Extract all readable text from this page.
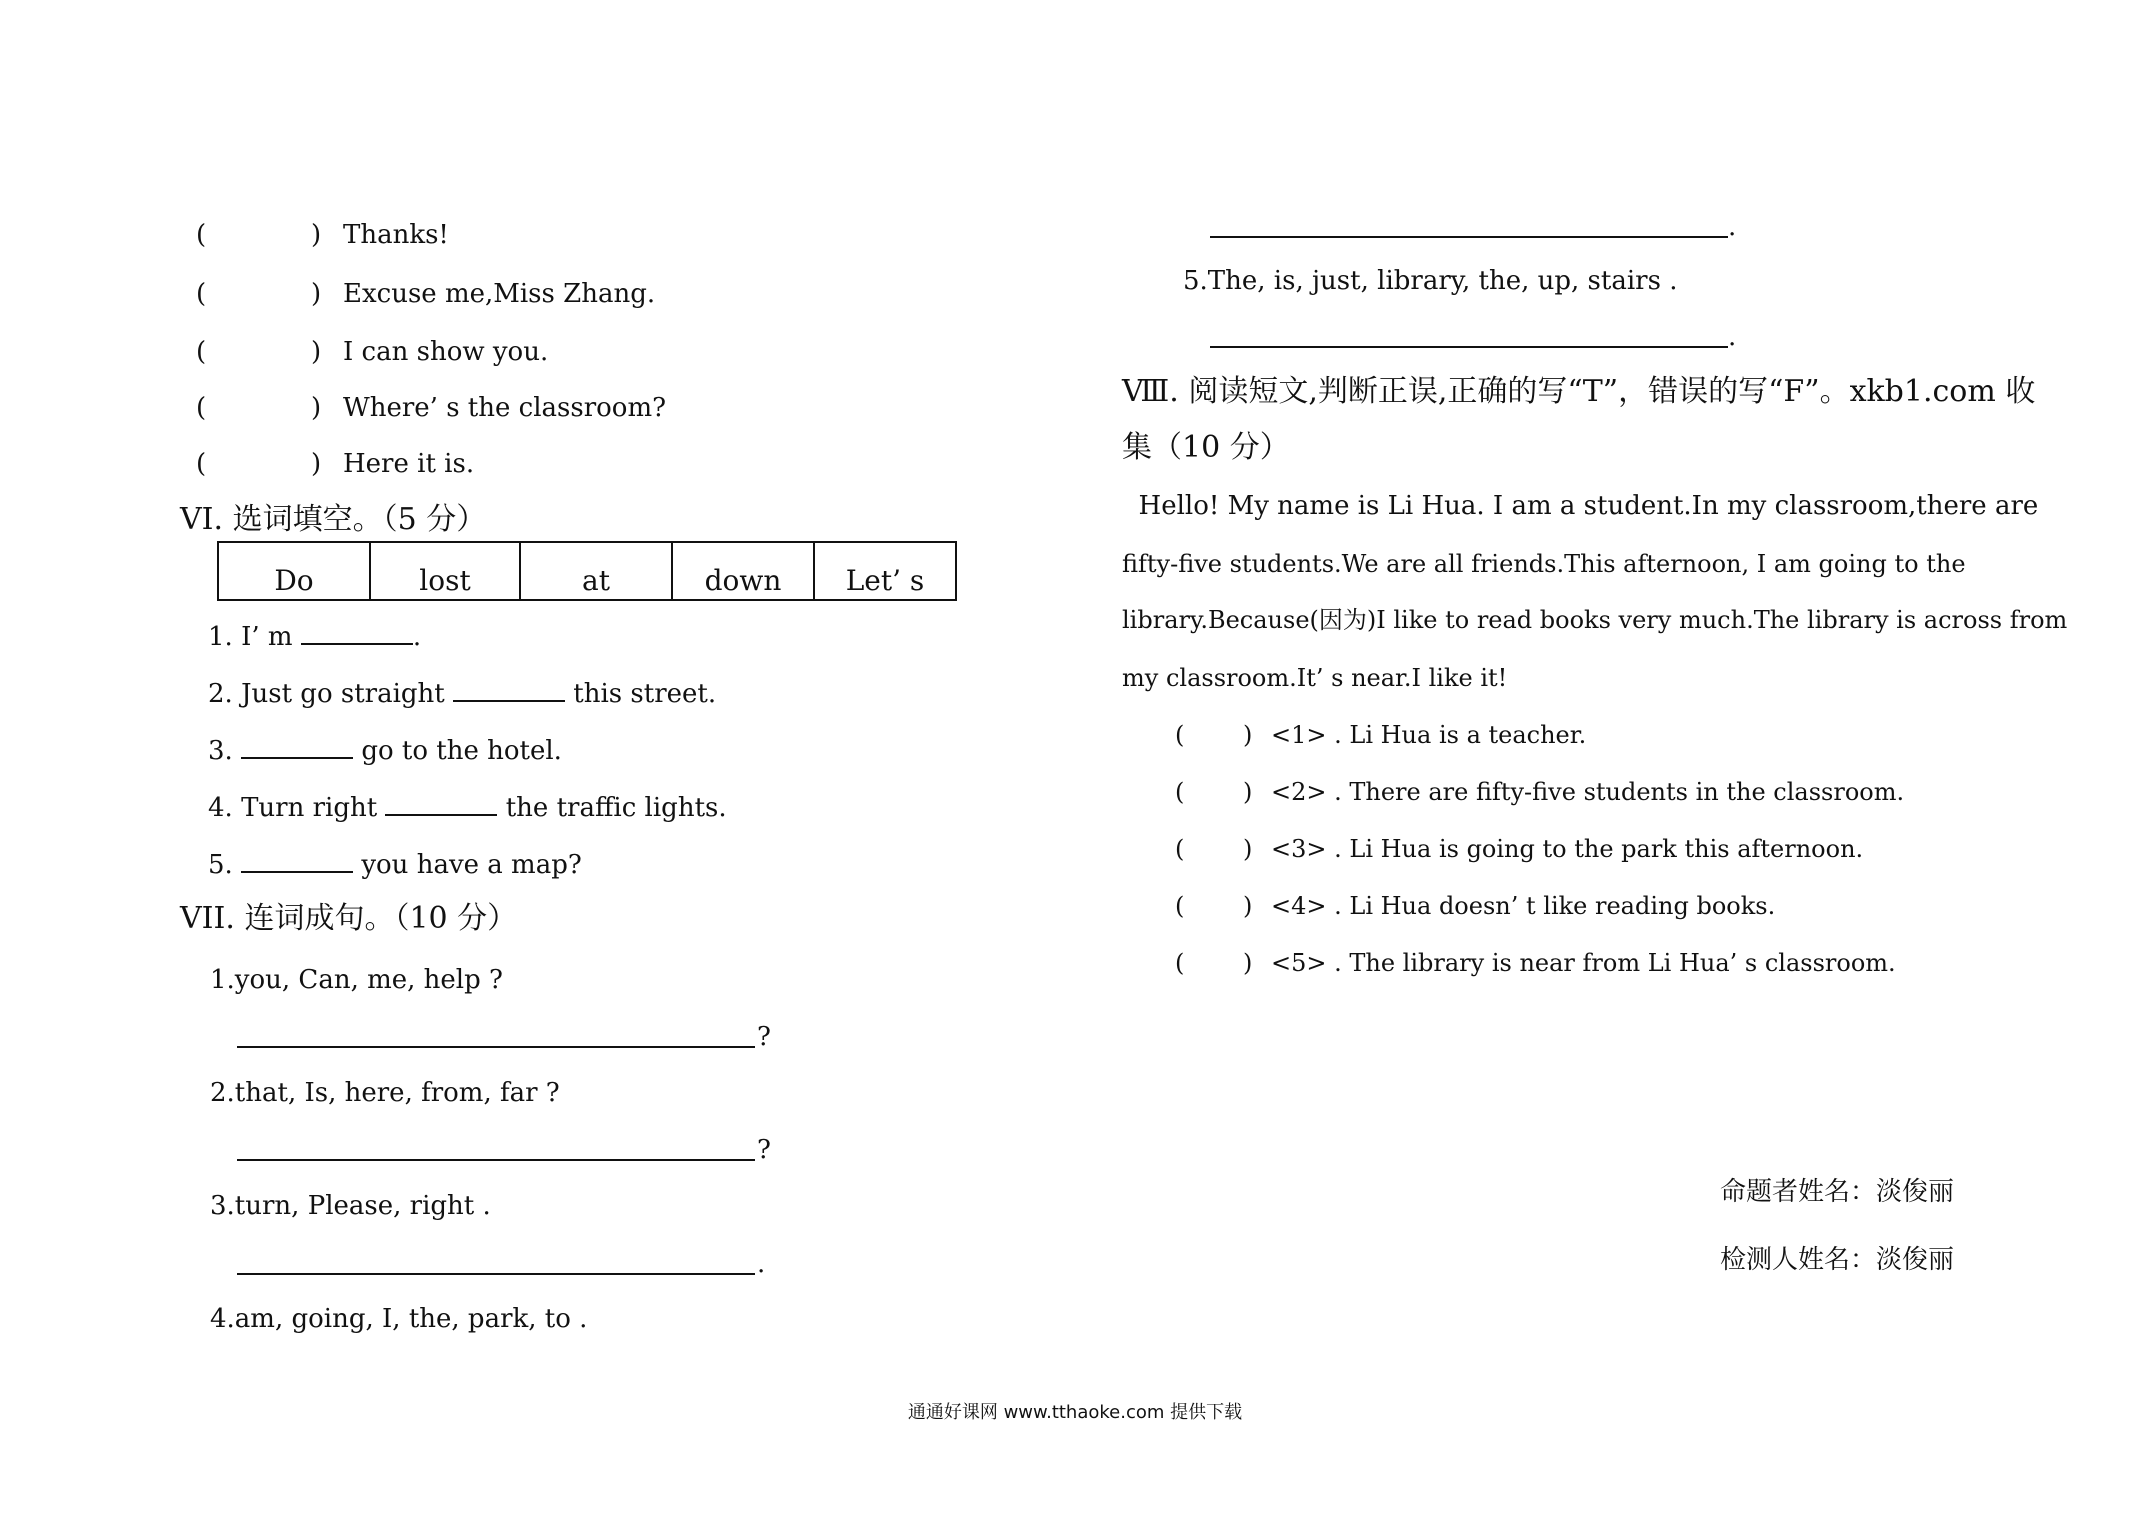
(	) Thanks!
(	) Excuse me,Miss Zhang.
(	) I can show you.
(	) Where’ s the classroom?
(	) Here it is.
VI. 选词填空。（5 分）
Do	lost	at	down	Let’ s
1. I’ m	.
2. Just go straight	this street.
3.	go to the hotel.
4. Turn right	the traffic lights.
5.	you have a map?
VII. 连词成句。（10 分）
1.you, Can, me, help ?
?
2.that, Is, here, from, far ?
?
3.turn, Please, right .
.
4.am, going, I, the, park, to .
.
5.The, is, just, library, the, up, stairs .
.
Ⅷ. 阅读短文,判断正误,正确的写“T”，错误的写“F”。xkb1.com 收
集（10 分）
Hello! My name is Li Hua. I am a student.In my classroom,there are
fifty-five students.We are all friends.This afternoon, I am going to the
library.Because(因为)I like to read books very much.The library is across from
my classroom.It’ s near.I like it!
( ) <1> . Li Hua is a teacher.
( ) <2> . There are fifty-five students in the classroom.
( ) <3> . Li Hua is going to the park this afternoon.
( ) <4> . Li Hua doesn’ t like reading books.
( ) <5> . The library is near from Li Hua’ s classroom.
命题者姓名：淡俊丽
检测人姓名：淡俊丽
通通好课网 www.tthaoke.com 提供下载
